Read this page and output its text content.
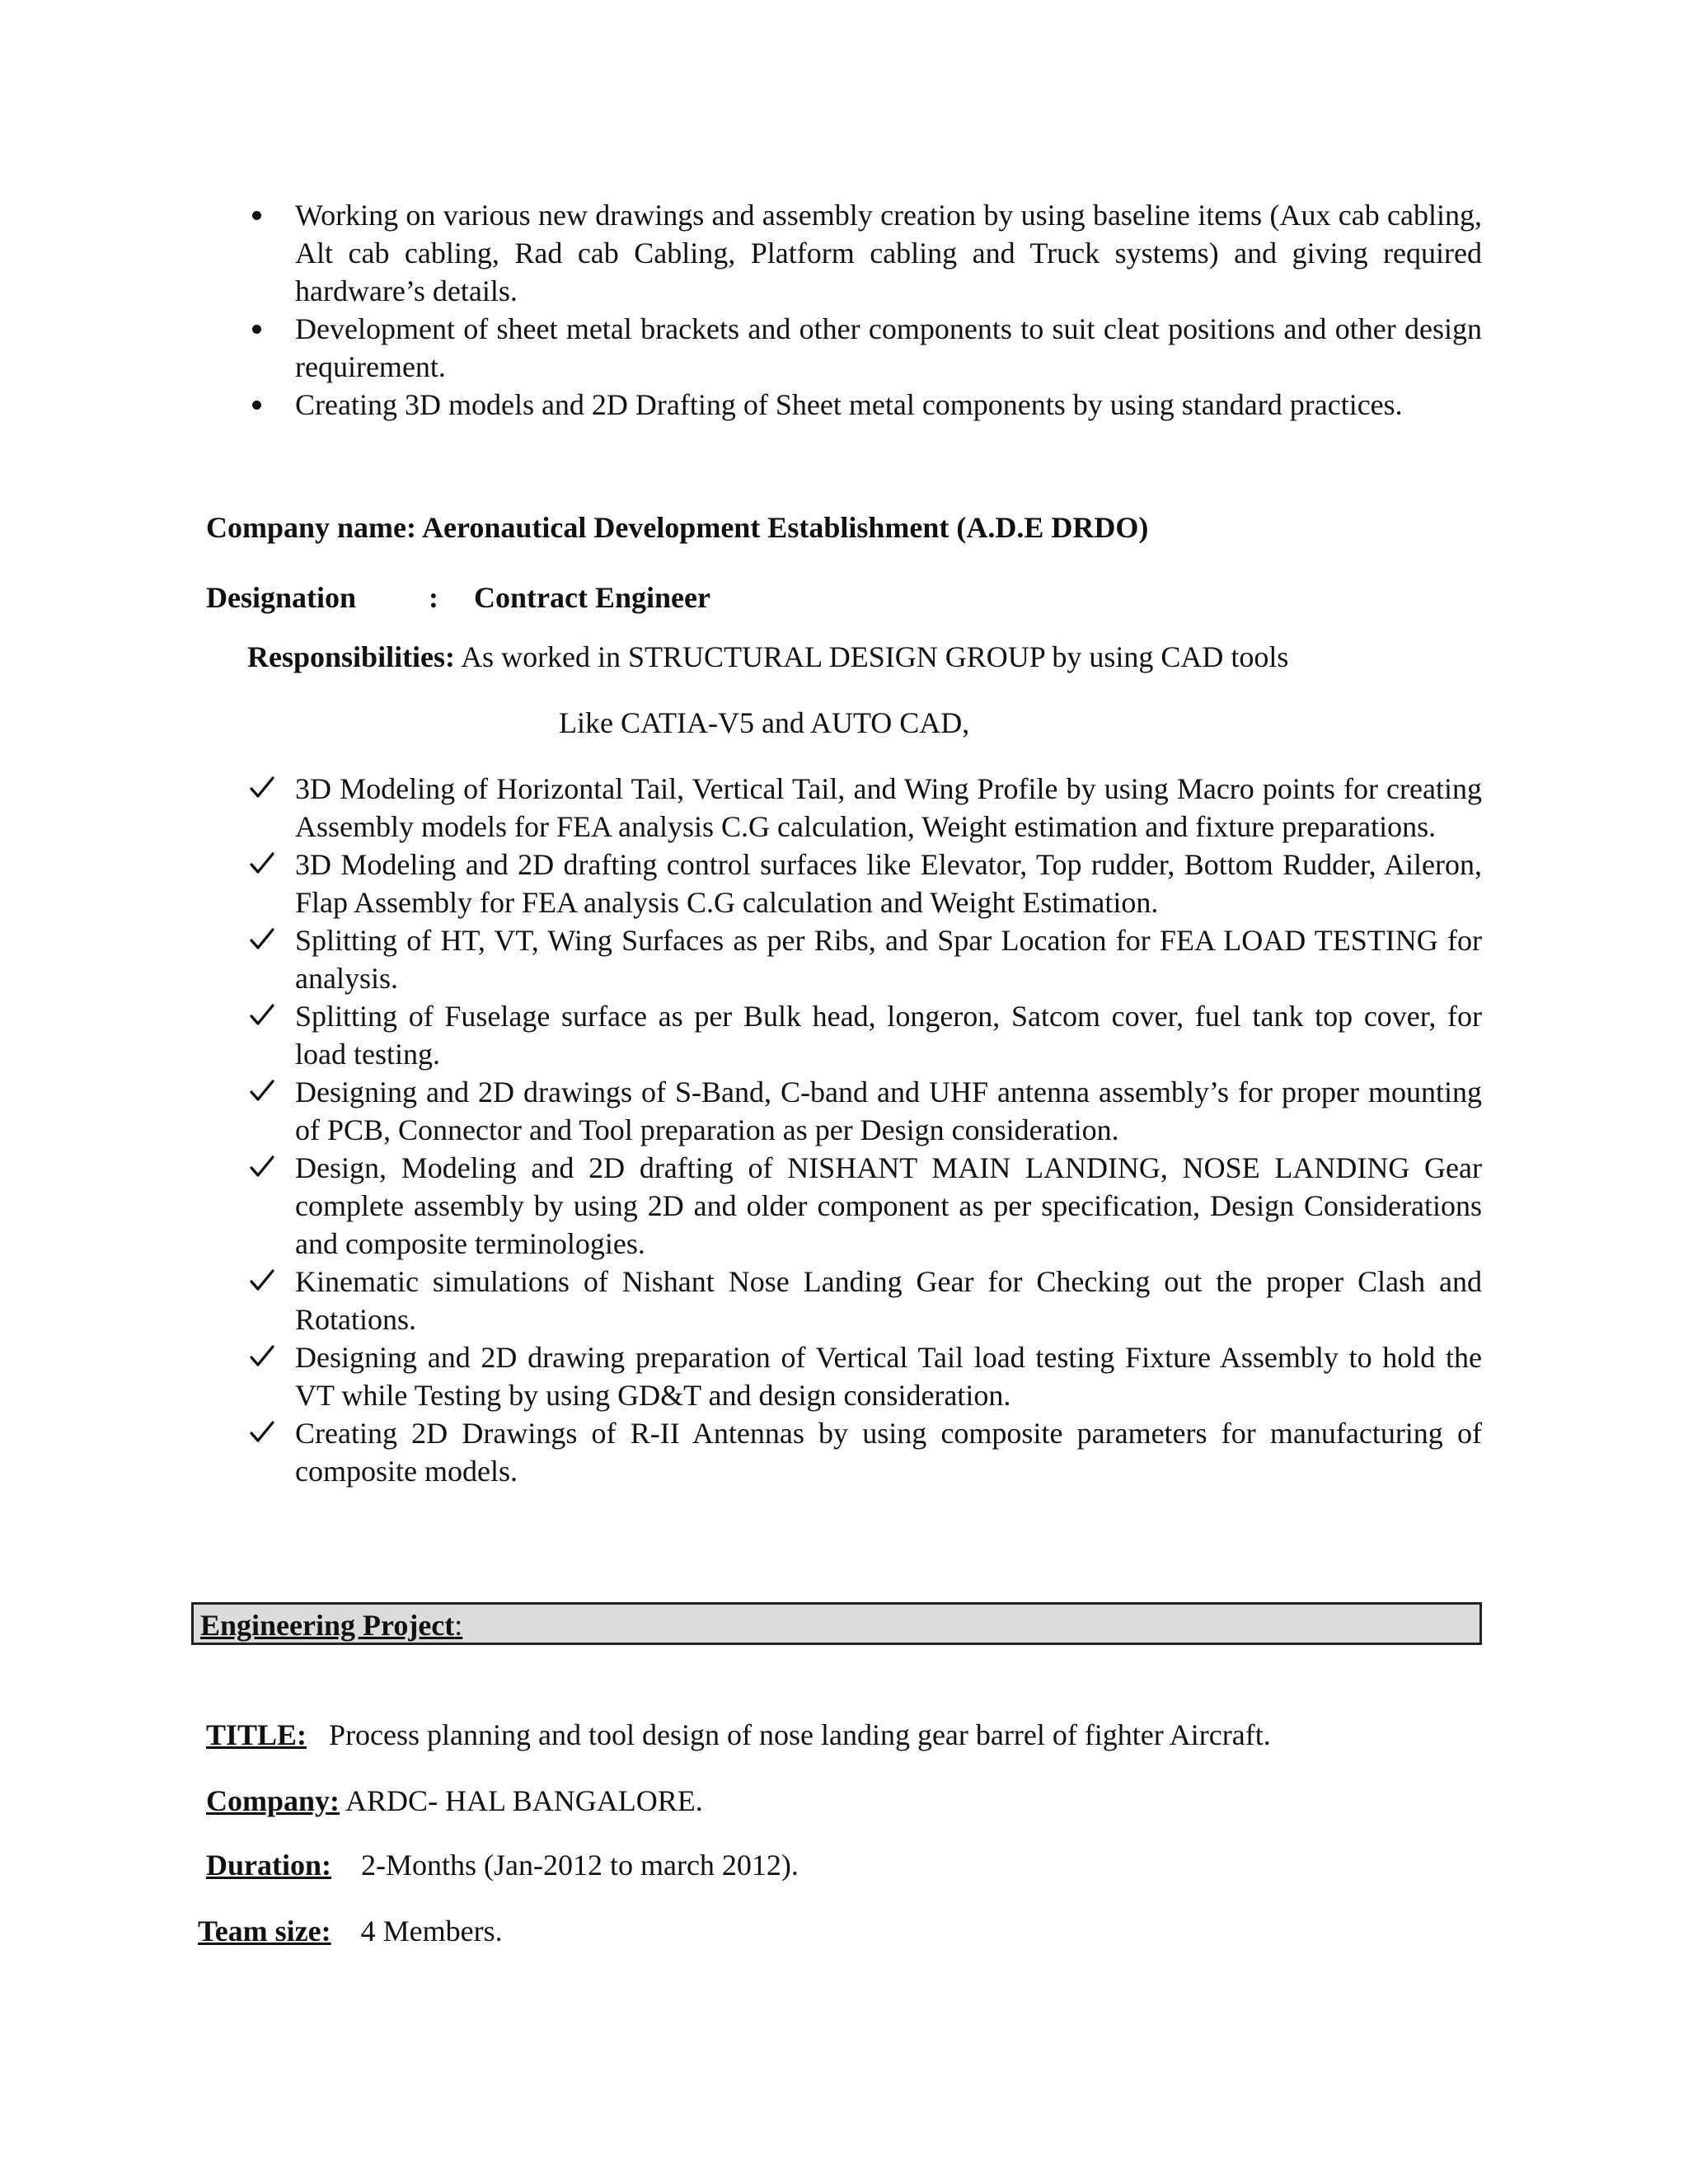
Working on various new drawings and assembly creation by using baseline items (Aux cab cabling, Alt cab cabling, Rad cab Cabling, Platform cabling and Truck systems) and giving required hardware’s details.
Development of sheet metal brackets and other components to suit cleat positions and other design requirement.
Creating 3D models and 2D Drafting of Sheet metal components by using standard practices.
Company name: Aeronautical Development Establishment (A.D.E DRDO)
Designation : Contract Engineer
Responsibilities: As worked in STRUCTURAL DESIGN GROUP by using CAD tools
Like CATIA-V5 and AUTO CAD,
3D Modeling of Horizontal Tail, Vertical Tail, and Wing Profile by using Macro points for creating Assembly models for FEA analysis C.G calculation, Weight estimation and fixture preparations.
3D Modeling and 2D drafting control surfaces like Elevator, Top rudder, Bottom Rudder, Aileron, Flap Assembly for FEA analysis C.G calculation and Weight Estimation.
Splitting of HT, VT, Wing Surfaces as per Ribs, and Spar Location for FEA LOAD TESTING for analysis.
Splitting of Fuselage surface as per Bulk head, longeron, Satcom cover, fuel tank top cover, for load testing.
Designing and 2D drawings of S-Band, C-band and UHF antenna assembly’s for proper mounting of PCB, Connector and Tool preparation as per Design consideration.
Design, Modeling and 2D drafting of NISHANT MAIN LANDING, NOSE LANDING Gear complete assembly by using 2D and older component as per specification, Design Considerations and composite terminologies.
Kinematic simulations of Nishant Nose Landing Gear for Checking out the proper Clash and Rotations.
Designing and 2D drawing preparation of Vertical Tail load testing Fixture Assembly to hold the VT while Testing by using GD&T and design consideration.
Creating 2D Drawings of R-II Antennas by using composite parameters for manufacturing of composite models.
Engineering Project:
TITLE: Process planning and tool design of nose landing gear barrel of fighter Aircraft.
Company: ARDC- HAL BANGALORE.
Duration: 2-Months (Jan-2012 to march 2012).
Team size: 4 Members.
